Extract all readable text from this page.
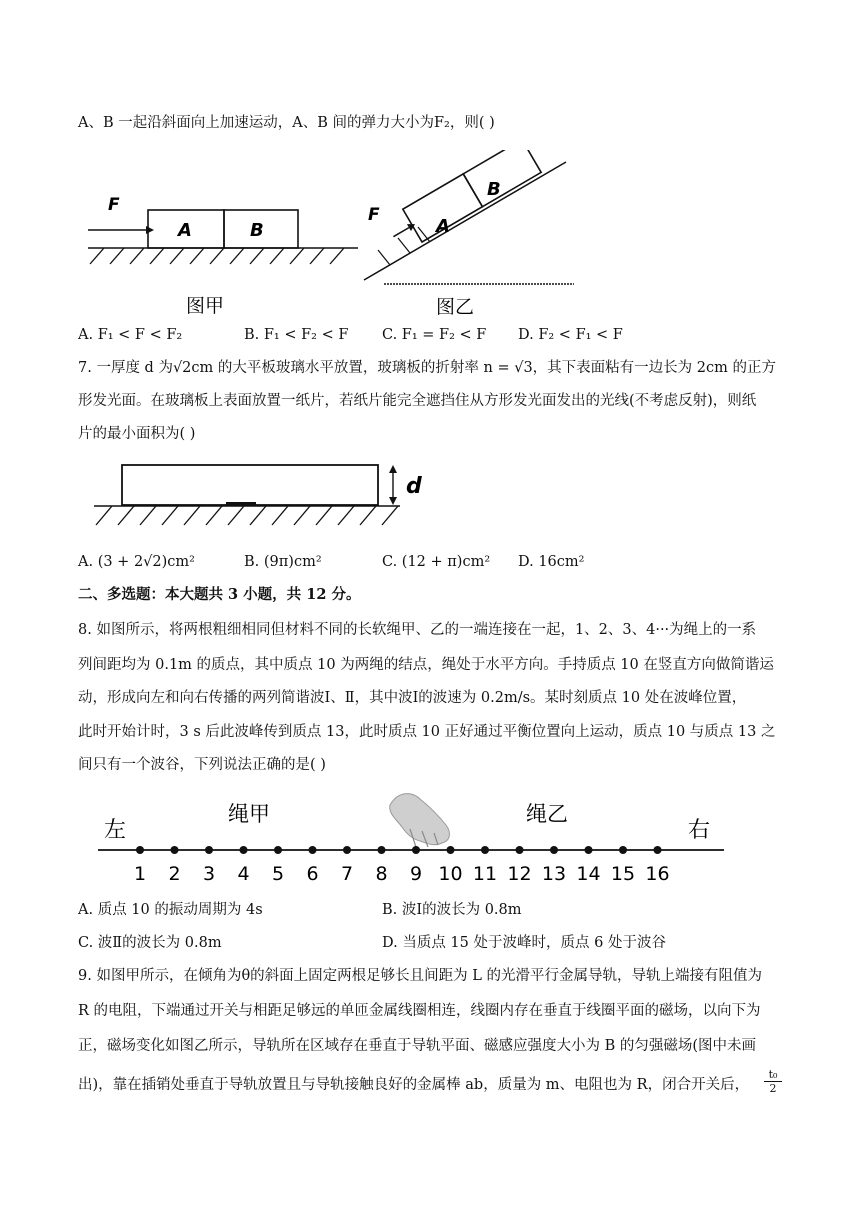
A、B 一起沿斜面向上加速运动，A、B 间的弹力大小为F₂，则( )
F
A	B
图甲
A
B
F
图乙
A. F₁ < F < F₂	B. F₁ < F₂ < F C. F₁ = F₂ < F D. F₂ < F₁ < F
7. 一厚度 d 为√2cm 的大平板玻璃水平放置，玻璃板的折射率 n = √3，其下表面粘有一边长为 2cm 的正方
形发光面。在玻璃板上表面放置一纸片，若纸片能完全遮挡住从方形发光面发出的光线(不考虑反射)，则纸
片的最小面积为( )
d
A. (3 + 2√2)cm²	B. (9π)cm²	C. (12 + π)cm² D. 16cm²
二、多选题：本大题共 3 小题，共 12 分。
8. 如图所示，将两根粗细相同但材料不同的长软绳甲、乙的一端连接在一起，1、2、3、4···为绳上的一系
列间距均为 0.1m 的质点，其中质点 10 为两绳的结点，绳处于水平方向。手持质点 10 在竖直方向做简谐运
动，形成向左和向右传播的两列简谐波Ⅰ、Ⅱ，其中波Ⅰ的波速为 0.2m/s。某时刻质点 10 处在波峰位置，
此时开始计时，3 s 后此波峰传到质点 13，此时质点 10 正好通过平衡位置向上运动，质点 10 与质点 13 之
间只有一个波谷，下列说法正确的是( )
左	右
绳甲	绳乙
1 2 3 4 5 6 7 8 9 10 11 12 13 14 15 16
A. 质点 10 的振动周期为 4s	B. 波Ⅰ的波长为 0.8m
C. 波Ⅱ的波长为 0.8m	D. 当质点 15 处于波峰时，质点 6 处于波谷
9. 如图甲所示，在倾角为θ的斜面上固定两根足够长且间距为 L 的光滑平行金属导轨，导轨上端接有阻值为
R 的电阻，下端通过开关与相距足够远的单匝金属线圈相连，线圈内存在垂直于线圈平面的磁场，以向下为
正，磁场变化如图乙所示，导轨所在区域存在垂直于导轨平面、磁感应强度大小为 B 的匀强磁场(图中未画
出)，靠在插销处垂直于导轨放置且与导轨接触良好的金属棒 ab，质量为 m、电阻也为 R，闭合开关后，	$\frac{\text{t₀}}{2}$
